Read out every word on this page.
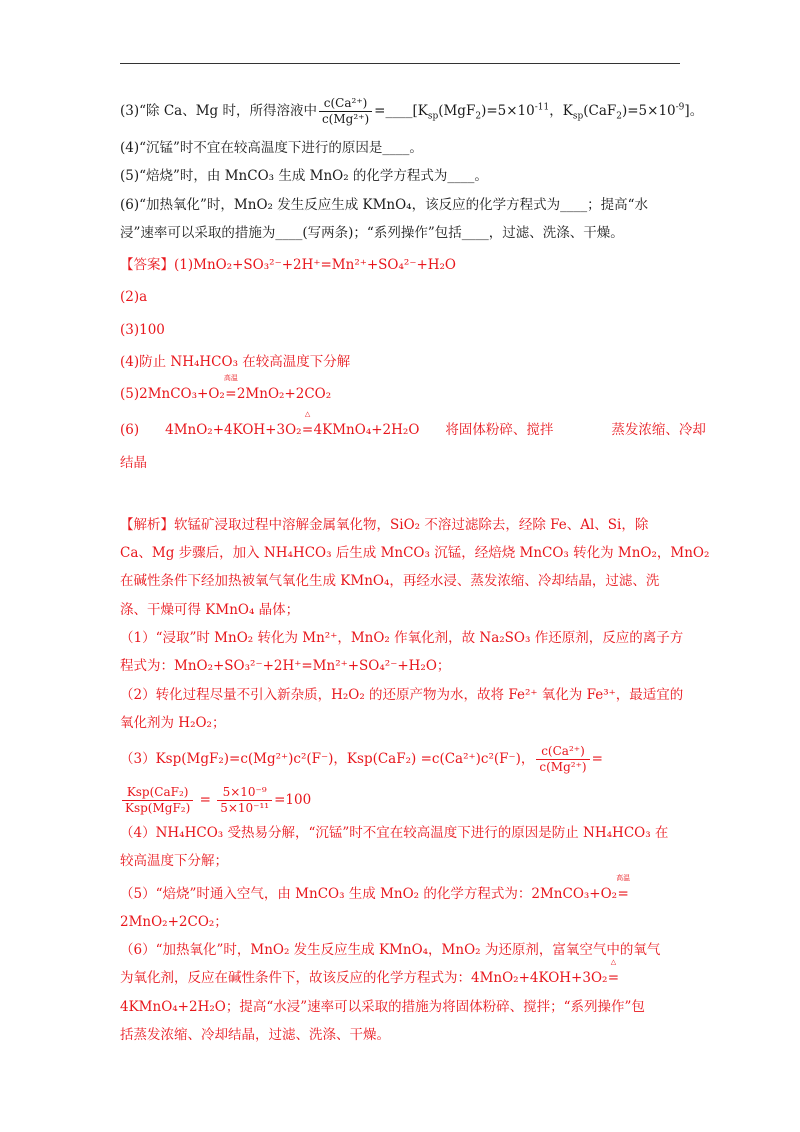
(3)“除 Ca、Mg 时，所得溶液中 $\frac{\text{c(Ca²⁺)}}{\text{c(Mg²⁺)}}$ $=\_\_\_\_[K_{sp}(MgF_2)=5\times 10^{-11}$，$K_{sp}(CaF_2)=5\times 10^{-9}$]。
(4)“沉锰”时不宜在较高温度下进行的原因是____。
(5)“焙烧”时，由 MnCO₃ 生成 MnO₂ 的化学方程式为____。
(6)“加热氧化”时，MnO₂ 发生反应生成 KMnO₄，该反应的化学方程式为____；提高“水
浸”速率可以采取的措施为____(写两条)；“系列操作”包括____，过滤、洗涤、干燥。
【答案】(1)MnO₂+SO₃²⁻+2H⁺=Mn²⁺+SO₄²⁻+H₂O
(2)a
(3)100
(4)防止 NH₄HCO₃ 在较高温度下分解
(5)2MnCO₃+O₂
高温
=2MnO₂+2CO₂
(6) 4MnO₂+4KOH+3O₂
△
=4KMnO₄+2H₂O 将固体粉碎、搅拌	蒸发浓缩、冷却
结晶
【解析】软锰矿浸取过程中溶解金属氧化物，SiO₂ 不溶过滤除去，经除 Fe、Al、Si，除
Ca、Mg 步骤后，加入 NH₄HCO₃ 后生成 MnCO₃ 沉锰，经焙烧 MnCO₃ 转化为 MnO₂，MnO₂
在碱性条件下经加热被氧气氧化生成 KMnO₄，再经水浸、蒸发浓缩、冷却结晶，过滤、洗
涤、干燥可得 KMnO₄ 晶体；
（1）“浸取”时 MnO₂ 转化为 Mn²⁺，MnO₂ 作氧化剂，故 Na₂SO₃ 作还原剂，反应的离子方
程式为：MnO₂+SO₃²⁻+2H⁺=Mn²⁺+SO₄²⁻+H₂O；
（2）转化过程尽量不引入新杂质，H₂O₂ 的还原产物为水，故将 Fe²⁺ 氧化为 Fe³⁺，最适宜的
氧化剂为 H₂O₂；
（3）Ksp(MgF₂)=c(Mg²⁺)c²(F⁻)，Ksp(CaF₂) =c(Ca²⁺)c²(F⁻)， $\frac{\text{c(Ca²⁺)}}{\text{c(Mg²⁺)}}$ =
$\frac{\text{Ksp(CaF₂)}}{\text{Ksp(MgF₂)}} = \frac{\text{5×10⁻⁹}}{\text{5×10⁻¹¹}} =100$
（4）NH₄HCO₃ 受热易分解，“沉锰”时不宜在较高温度下进行的原因是防止 NH₄HCO₃ 在
较高温度下分解；
（5）“焙烧”时通入空气，由 MnCO₃ 生成 MnO₂ 的化学方程式为：2MnCO₃+O₂
高温
=
2MnO₂+2CO₂；
（6）“加热氧化”时，MnO₂ 发生反应生成 KMnO₄，MnO₂ 为还原剂，富氧空气中的氧气
为氧化剂，反应在碱性条件下，故该反应的化学方程式为：4MnO₂+4KOH+3O₂
△
=
4KMnO₄+2H₂O；提高“水浸”速率可以采取的措施为将固体粉碎、搅拌；“系列操作”包
括蒸发浓缩、冷却结晶，过滤、洗涤、干燥。
